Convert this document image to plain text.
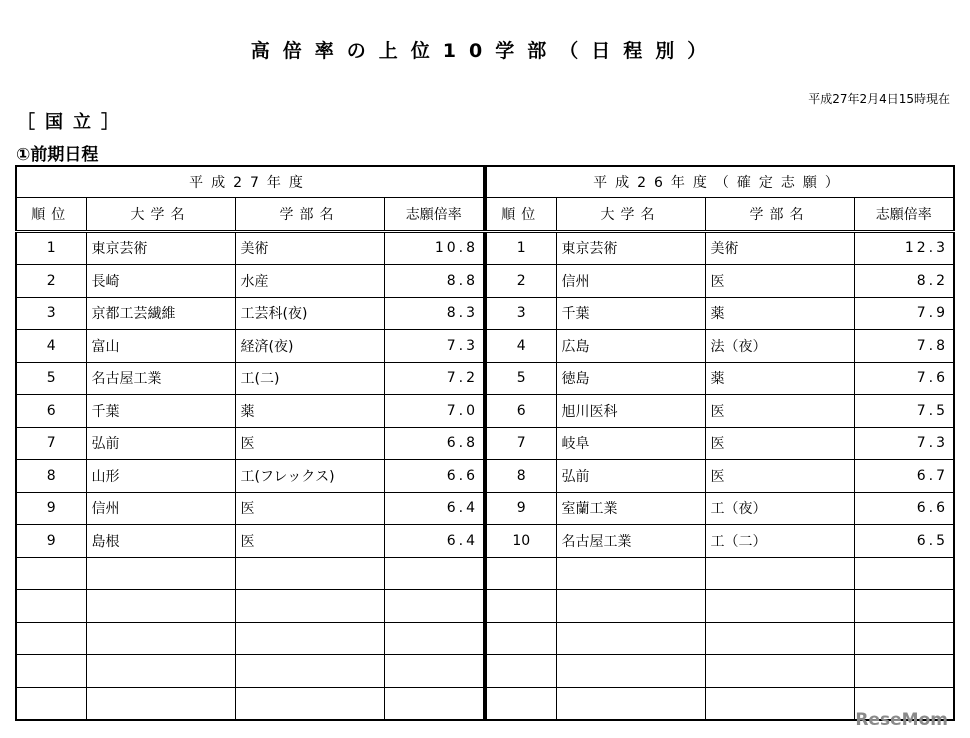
高倍率の上位10学部（日程別）
平成27年2月4日15時現在
［国立］
①前期日程
平成27年度			
順位	大学名	学部名	志願倍率
1	東京芸術	美術	10.8
2	長崎	水産	8.8
3	京都工芸繊維	工芸科(夜)	8.3
4	富山	経済(夜)	7.3
5	名古屋工業	工(二)	7.2
6	千葉	薬	7.0
7	弘前	医	6.8
8	山形	工(フレックス)	6.6
9	信州	医	6.4
9	島根	医	6.4

平成26年度（確定志願）			
順位	大学名	学部名	志願倍率
1	東京芸術	美術	12.3
2	信州	医	8.2
3	千葉	薬	7.9
4	広島	法（夜）	7.8
5	徳島	薬	7.6
6	旭川医科	医	7.5
7	岐阜	医	7.3
8	弘前	医	6.7
9	室蘭工業	工（夜）	6.6
10	名古屋工業	工（二）	6.5

ReseMom
